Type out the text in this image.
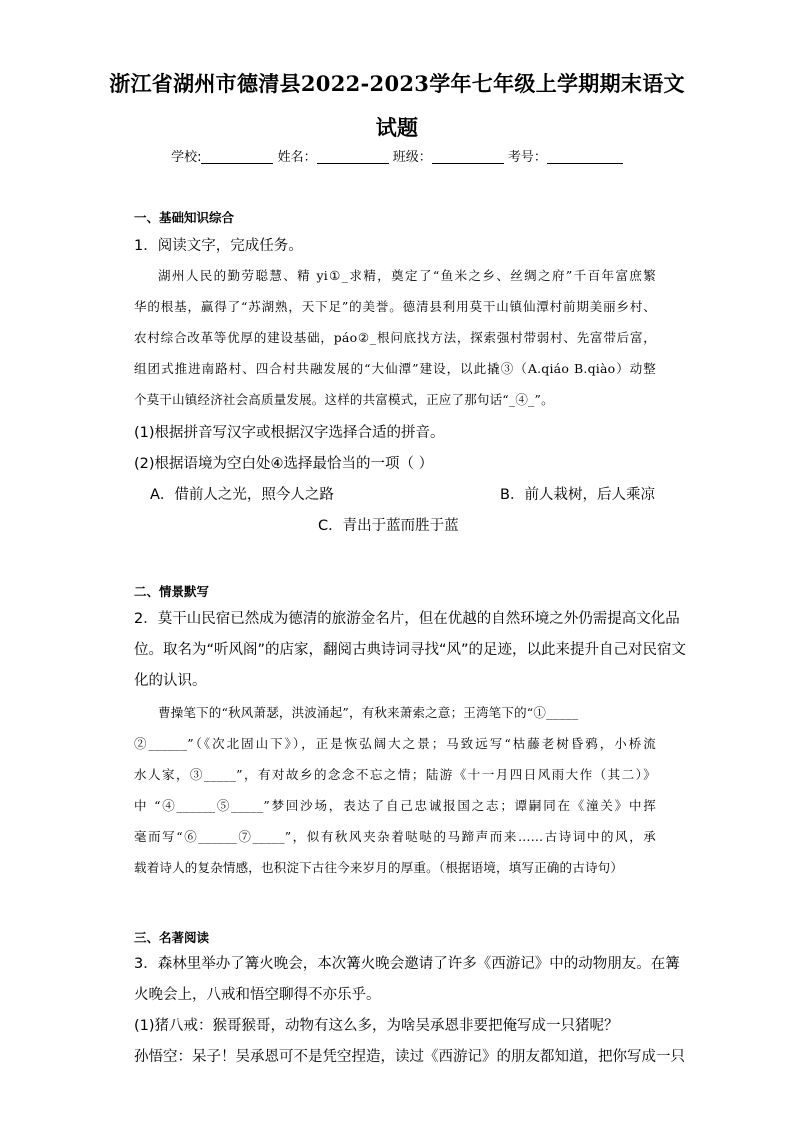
浙江省湖州市德清县2022-2023学年七年级上学期期末语文
试题
学校:	姓名：	班级：	考号：
一、基础知识综合
1．阅读文字，完成任务。
湖州人民的勤劳聪慧、精 yi①_求精，奠定了“鱼米之乡、丝绸之府”千百年富庶繁
华的根基，赢得了“苏湖熟，天下足”的美誉。德清县利用莫干山镇仙潭村前期美丽乡村、
农村综合改革等优厚的建设基础，páo②_根问底找方法，探索强村带弱村、先富带后富，
组团式推进南路村、四合村共融发展的“大仙潭”建设，以此撬③（A.qiáo B.qiào）动整
个莫干山镇经济社会高质量发展。这样的共富模式，正应了那句话“_④_”。
(1)根据拼音写汉字或根据汉字选择合适的拼音。
(2)根据语境为空白处④选择最恰当的一项（ ）
A．借前人之光，照今人之路	B．前人栽树，后人乘凉
C．青出于蓝而胜于蓝
二、情景默写
2．莫干山民宿已然成为德清的旅游金名片，但在优越的自然环境之外仍需提高文化品
位。取名为“听风阁”的店家，翻阅古典诗词寻找“风”的足迹，以此来提升自己对民宿文
化的认识。
曹操笔下的“秋风萧瑟，洪波涌起”，有秋来萧索之意；王湾笔下的“①_____
②______”（《次北固山下》），正是恢弘阔大之景；马致远写“枯藤老树昏鸦，小桥流
水人家，③_____”，有对故乡的念念不忘之情；陆游《十一月四日风雨大作（其二）》
中 “④______⑤_____”梦回沙场，表达了自己忠诚报国之志；谭嗣同在《潼关》中挥
毫而写“⑥______⑦_____”，似有秋风夹杂着哒哒的马蹄声而来……古诗词中的风，承
载着诗人的复杂情感，也积淀下古往今来岁月的厚重。（根据语境，填写正确的古诗句）
三、名著阅读
3．森林里举办了篝火晚会，本次篝火晚会邀请了许多《西游记》中的动物朋友。在篝
火晚会上，八戒和悟空聊得不亦乐乎。
(1)猪八戒：猴哥猴哥，动物有这么多，为啥吴承恩非要把俺写成一只猪呢？
孙悟空：呆子！吴承恩可不是凭空捏造，读过《西游记》的朋友都知道，把你写成一只
